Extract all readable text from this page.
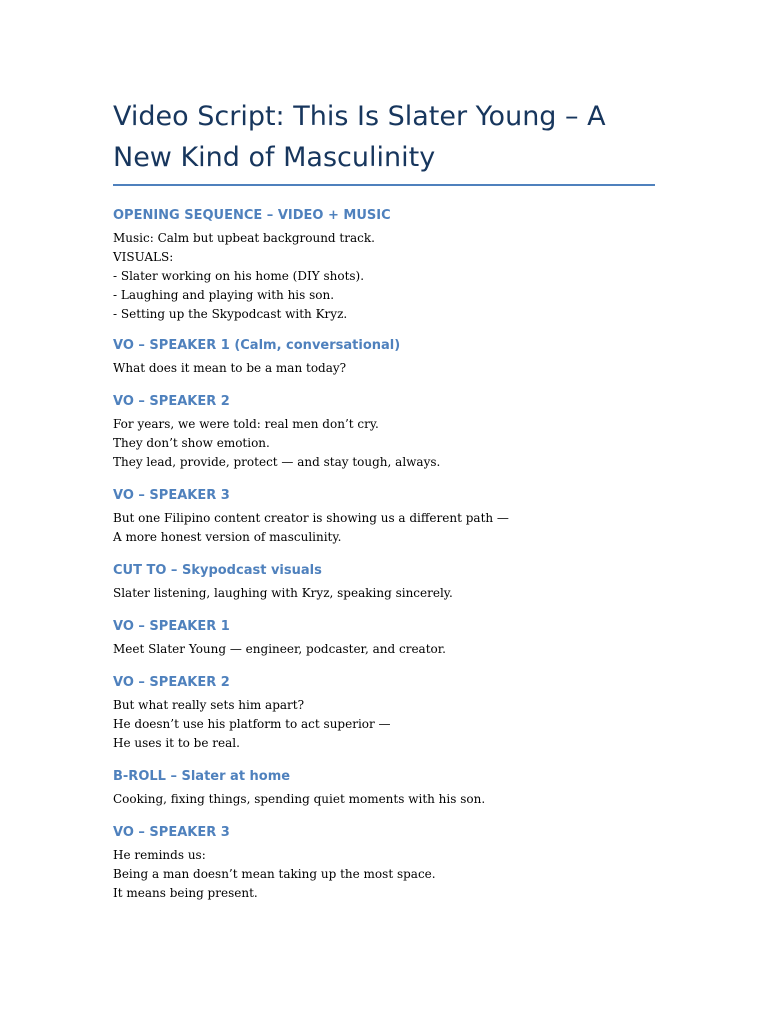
Video Script: This Is Slater Young – A
New Kind of Masculinity
OPENING SEQUENCE – VIDEO + MUSIC

Music: Calm but upbeat background track.
VISUALS:
- Slater working on his home (DIY shots).
- Laughing and playing with his son.
- Setting up the Skypodcast with Kryz.

VO – SPEAKER 1 (Calm, conversational)

What does it mean to be a man today?

VO – SPEAKER 2

For years, we were told: real men don’t cry.
They don’t show emotion.
They lead, provide, protect — and stay tough, always.

VO – SPEAKER 3

But one Filipino content creator is showing us a different path —
A more honest version of masculinity.

CUT TO – Skypodcast visuals

Slater listening, laughing with Kryz, speaking sincerely.

VO – SPEAKER 1

Meet Slater Young — engineer, podcaster, and creator.

VO – SPEAKER 2

But what really sets him apart?
He doesn’t use his platform to act superior —
He uses it to be real.

B-ROLL – Slater at home

Cooking, fixing things, spending quiet moments with his son.

VO – SPEAKER 3

He reminds us:
Being a man doesn’t mean taking up the most space.
It means being present.
